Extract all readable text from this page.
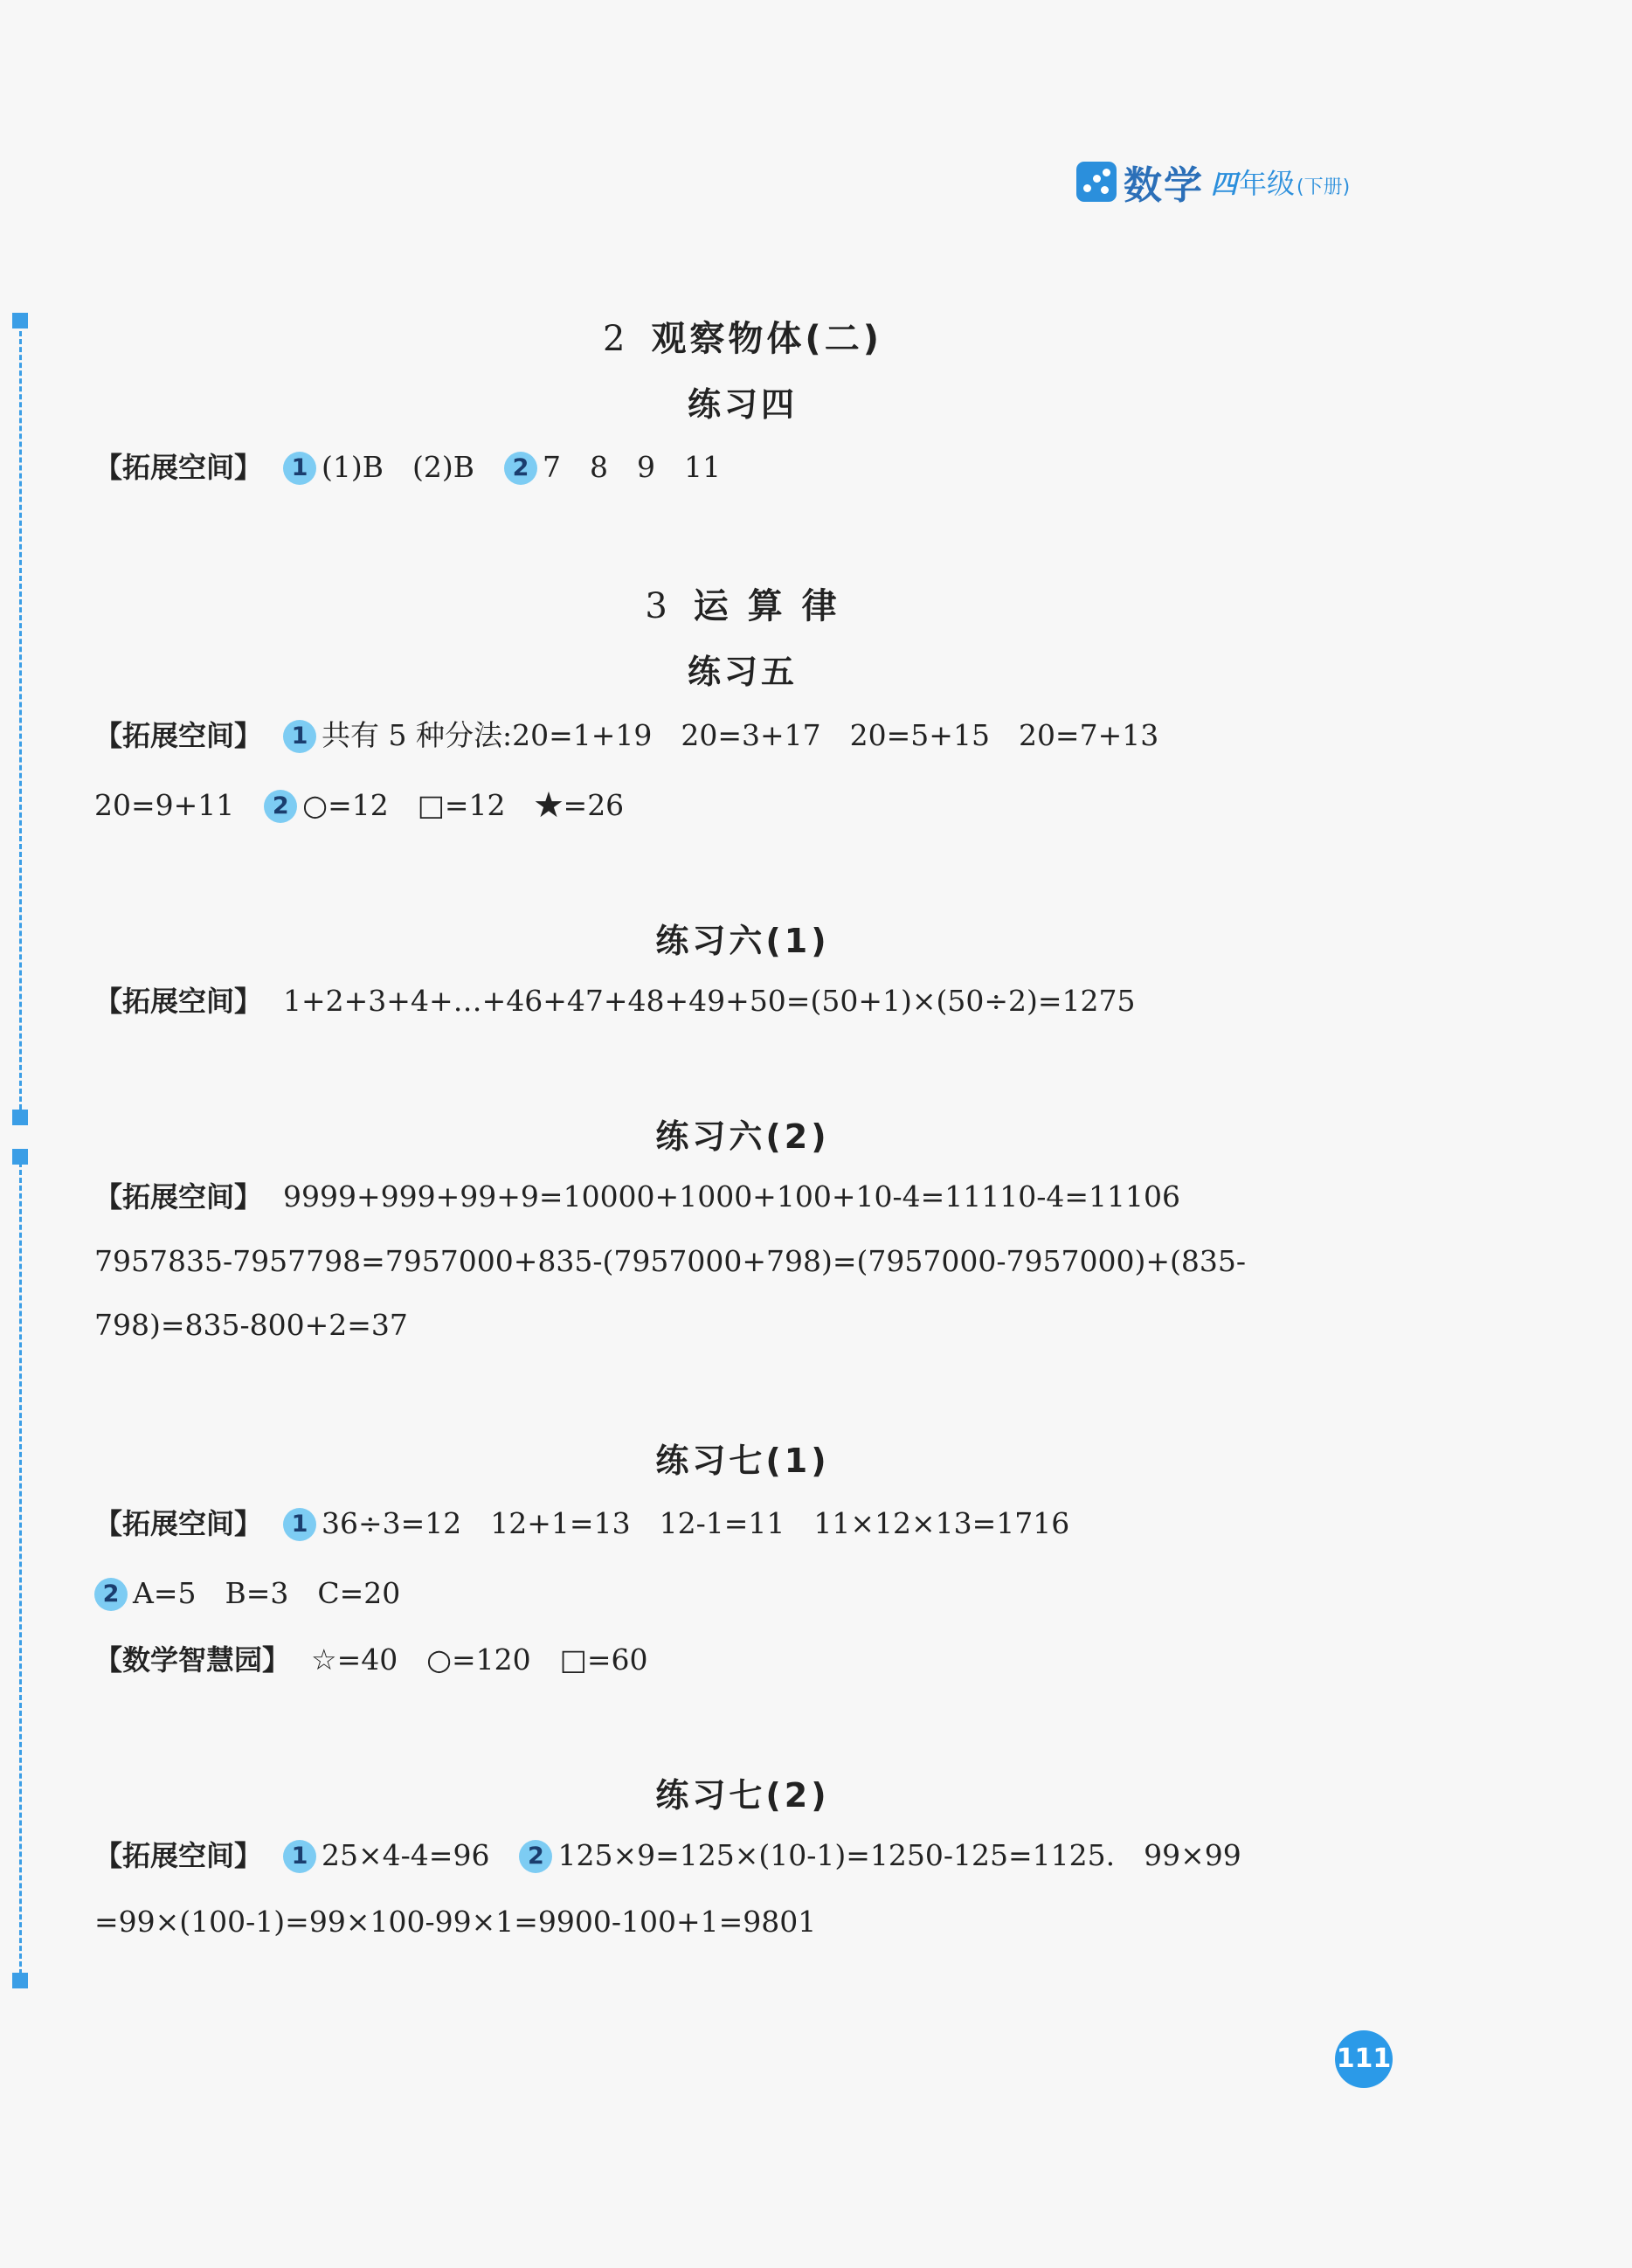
数学 四 年级 (下册)
2 观察物体(二)
练习四
【拓展空间】 1 (1)B　(2)B 2 7　8　9　11
3 运 算 律
练习五
【拓展空间】 1 共有 5 种分法:20=1+19　20=3+17　20=5+15　20=7+13
20=9+11 2 ○=12　□=12　★=26
练习六(1)
【拓展空间】 1+2+3+4+…+46+47+48+49+50=(50+1)×(50÷2)=1275
练习六(2)
【拓展空间】 9999+999+99+9=10000+1000+100+10-4=11110-4=11106
7957835-7957798=7957000+835-(7957000+798)=(7957000-7957000)+(835-
798)=835-800+2=37
练习七(1)
【拓展空间】 1 36÷3=12　12+1=13　12-1=11　11×12×13=1716
2 A=5　B=3　C=20
【数学智慧园】 ☆=40　○=120　□=60
练习七(2)
【拓展空间】 1 25×4-4=96 2 125×9=125×(10-1)=1250-125=1125.　99×99
=99×(100-1)=99×100-99×1=9900-100+1=9801
111
